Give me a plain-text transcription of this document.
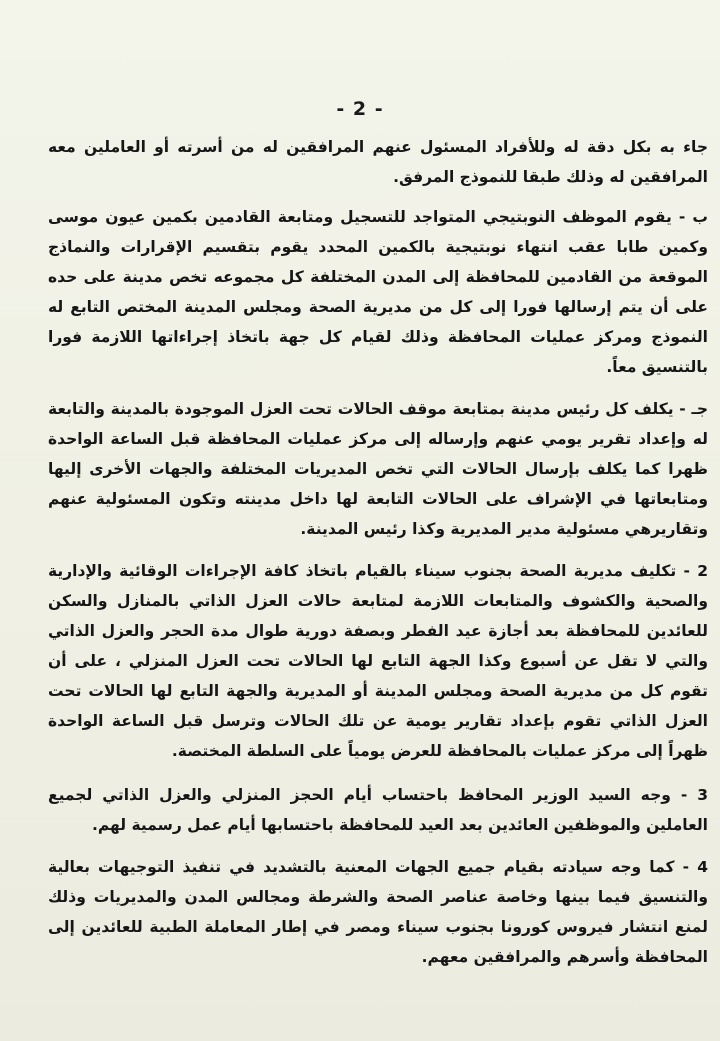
- 2 -

جاء به بكل دقة له وللأفراد المسئول عنهم المرافقين له من أسرته أو العاملين معه المرافقين له وذلك طبقا للنموذج المرفق.

ب - يقوم الموظف النوبتيجي المتواجد للتسجيل ومتابعة القادمين بكمين عيون موسى وكمين طابا عقب انتهاء نوبتيجية بالكمين المحدد يقوم بتقسيم الإقرارات والنماذج الموقعة من القادمين للمحافظة إلى المدن المختلفة كل مجموعه تخص مدينة على حده على أن يتم إرسالها فورا إلى كل من مديرية الصحة ومجلس المدينة المختص التابع له النموذج ومركز عمليات المحافظة وذلك لقيام كل جهة باتخاذ إجراءاتها اللازمة فورا بالتنسيق معاً.

جـ - يكلف كل رئيس مدينة بمتابعة موقف الحالات تحت العزل الموجودة بالمدينة والتابعة له وإعداد تقرير يومي عنهم وإرساله إلى مركز عمليات المحافظة قبل الساعة الواحدة ظهرا كما يكلف بإرسال الحالات التي تخص المديريات المختلفة والجهات الأخرى إليها ومتابعاتها في الإشراف على الحالات التابعة لها داخل مدينته وتكون المسئولية عنهم وتقاريرهي مسئولية مدير المديرية وكذا رئيس المدينة.

2 - تكليف مديرية الصحة بجنوب سيناء بالقيام باتخاذ كافة الإجراءات الوقائية والإدارية والصحية والكشوف والمتابعات اللازمة لمتابعة حالات العزل الذاتي بالمنازل والسكن للعائدين للمحافظة بعد أجازة عيد الفطر وبصفة دورية طوال مدة الحجر والعزل الذاتي والتي لا تقل عن أسبوع وكذا الجهة التابع لها الحالات تحت العزل المنزلي ، على أن تقوم كل من مديرية الصحة ومجلس المدينة أو المديرية والجهة التابع لها الحالات تحت العزل الذاتي تقوم بإعداد تقارير يومية عن تلك الحالات وترسل قبل الساعة الواحدة ظهراً إلى مركز عمليات بالمحافظة للعرض يومياً على السلطة المختصة.

3 - وجه السيد الوزير المحافظ باحتساب أيام الحجز المنزلي والعزل الذاتي لجميع العاملين والموظفين العائدين بعد العيد للمحافظة باحتسابها أيام عمل رسمية لهم.

4 - كما وجه سيادته بقيام جميع الجهات المعنية بالتشديد في تنفيذ التوجيهات بعالية والتنسيق فيما بينها وخاصة عناصر الصحة والشرطة ومجالس المدن والمديريات وذلك لمنع انتشار فيروس كورونا بجنوب سيناء ومصر في إطار المعاملة الطبية للعائدين إلى المحافظة وأسرهم والمرافقين معهم.
